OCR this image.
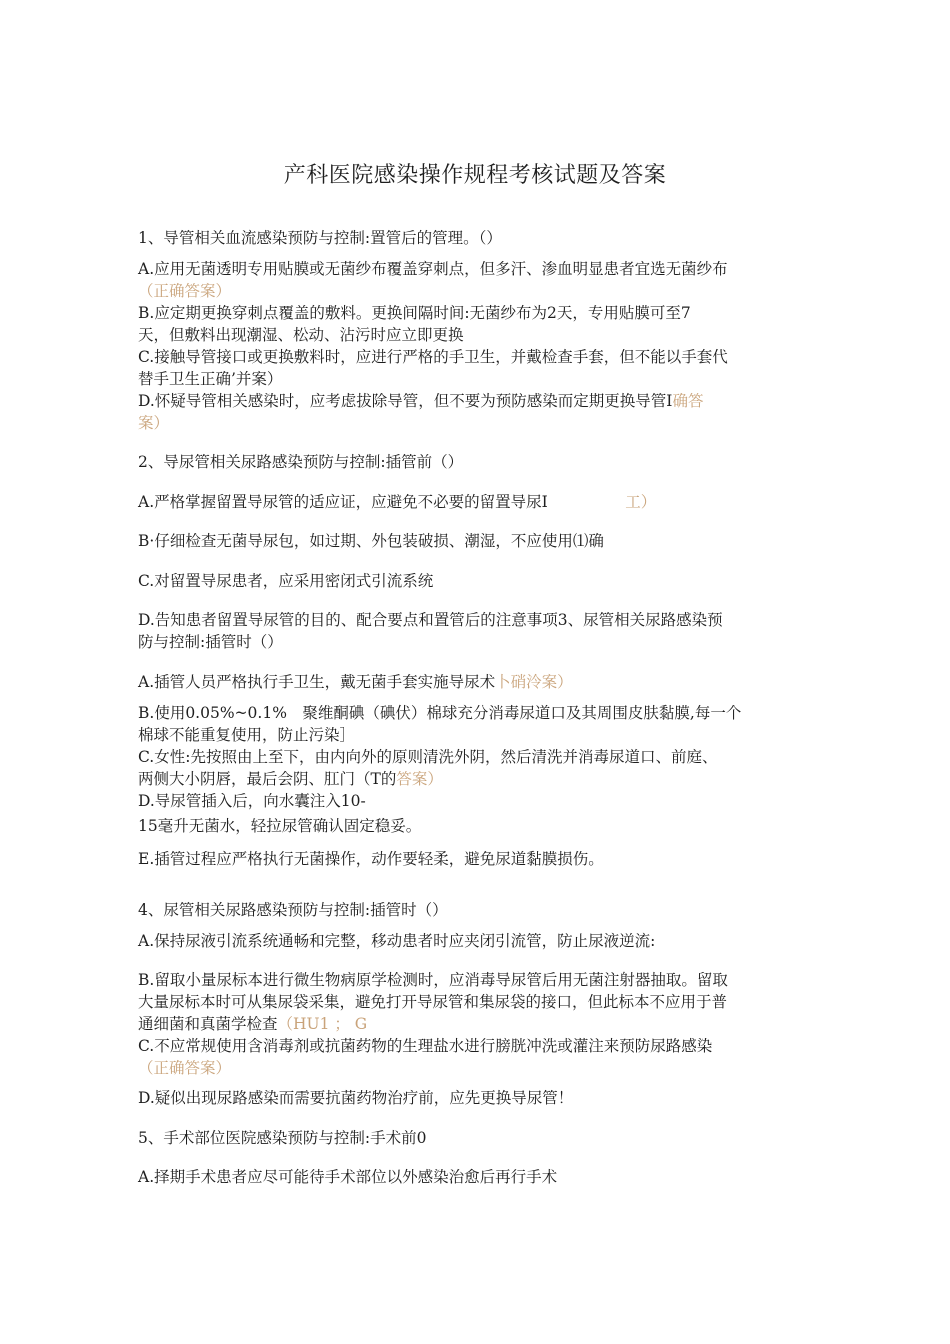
产科医院感染操作规程考核试题及答案
1、导管相关血流感染预防与控制:置管后的管理。（）
A.应用无菌透明专用贴膜或无菌纱布覆盖穿刺点，但多汗、渗血明显患者宜选无菌纱布
（正确答案）
B.应定期更换穿刺点覆盖的敷料。更换间隔时间:无菌纱布为2天，专用贴膜可至7
天，但敷料出现潮湿、松动、沾污时应立即更换
C.接触导管接口或更换敷料时，应进行严格的手卫生，并戴检查手套，但不能以手套代
替手卫生正确’并案）
D.怀疑导管相关感染时，应考虑拔除导管，但不要为预防感染而定期更换导管I确答
案）
2、导尿管相关尿路感染预防与控制:插管前（）
A.严格掌握留置导尿管的适应证，应避免不必要的留置导尿I　　　　　工）
B·仔细检查无菌导尿包，如过期、外包装破损、潮湿，不应使用⑴确
C.对留置导尿患者，应采用密闭式引流系统
D.告知患者留置导尿管的目的、配合要点和置管后的注意事项3、尿管相关尿路感染预
防与控制:插管时（）
A.插管人员严格执行手卫生，戴无菌手套实施导尿术卜硝泠案）
B.使用0.05%~0.1%　聚维酮碘（碘伏）棉球充分消毒尿道口及其周围皮肤黏膜,每一个
棉球不能重复使用，防止污染］
C.女性:先按照由上至下，由内向外的原则清洗外阴，然后清洗并消毒尿道口、前庭、
两侧大小阴唇，最后会阴、肛门（T的答案）
D.导尿管插入后，向水囊注入10-
15毫升无菌水，轻拉尿管确认固定稳妥。
E.插管过程应严格执行无菌操作，动作要轻柔，避免尿道黏膜损伤。
4、尿管相关尿路感染预防与控制:插管时（）
A.保持尿液引流系统通畅和完整，移动患者时应夹闭引流管，防止尿液逆流:
B.留取小量尿标本进行微生物病原学检测时，应消毒导尿管后用无菌注射器抽取。留取
大量尿标本时可从集尿袋采集，避免打开导尿管和集尿袋的接口，但此标本不应用于普
通细菌和真菌学检查（HU1 ； G
C.不应常规使用含消毒剂或抗菌药物的生理盐水进行膀胱冲洗或灌注来预防尿路感染
（正确答案）
D.疑似出现尿路感染而需要抗菌药物治疗前，应先更换导尿管！
5、手术部位医院感染预防与控制:手术前0
A.择期手术患者应尽可能待手术部位以外感染治愈后再行手术
